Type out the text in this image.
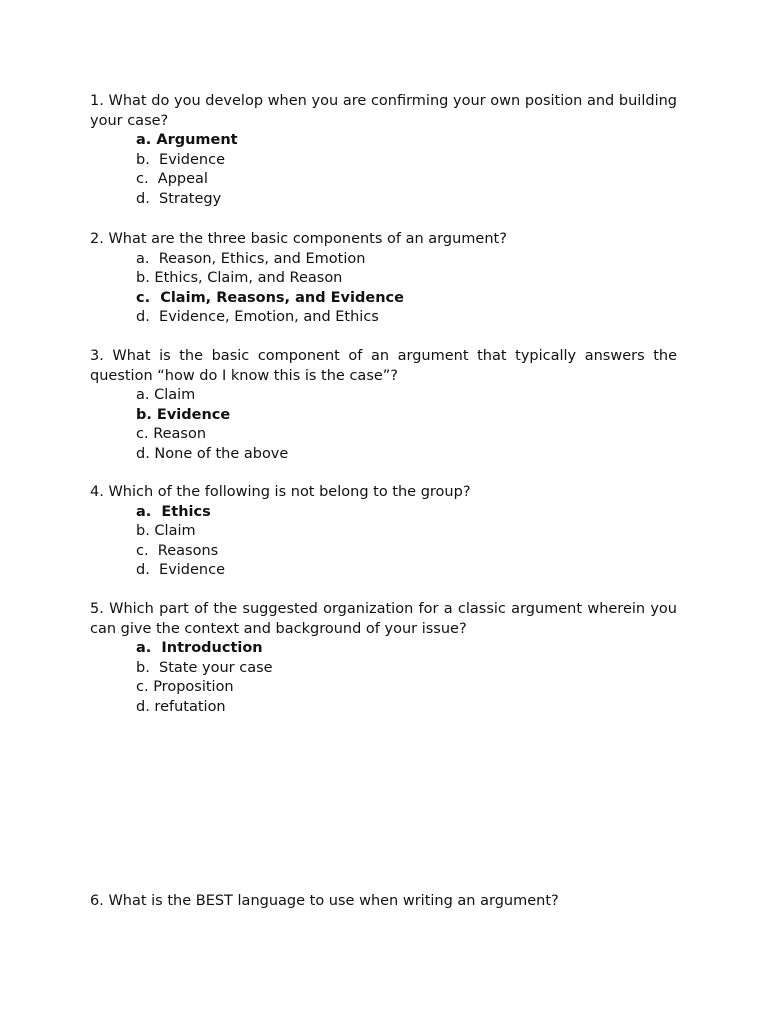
1. What do you develop when you are confirming your own position and building your case?

a. Argument
b.  Evidence
c.  Appeal
d.  Strategy

2. What are the three basic components of an argument?

a.  Reason, Ethics, and Emotion
b. Ethics, Claim, and Reason
c.  Claim, Reasons, and Evidence
d.  Evidence, Emotion, and Ethics

3. What is the basic component of an argument that typically answers the question “how do I know this is the case”?

a. Claim
b. Evidence
c. Reason
d. None of the above

4. Which of the following is not belong to the group?

a.  Ethics
b. Claim
c.  Reasons
d.  Evidence

5. Which part of the suggested organization for a classic argument wherein you can give the context and background of your issue?

a.  Introduction
b.  State your case
c. Proposition
d. refutation

6. What is the BEST language to use when writing an argument?
